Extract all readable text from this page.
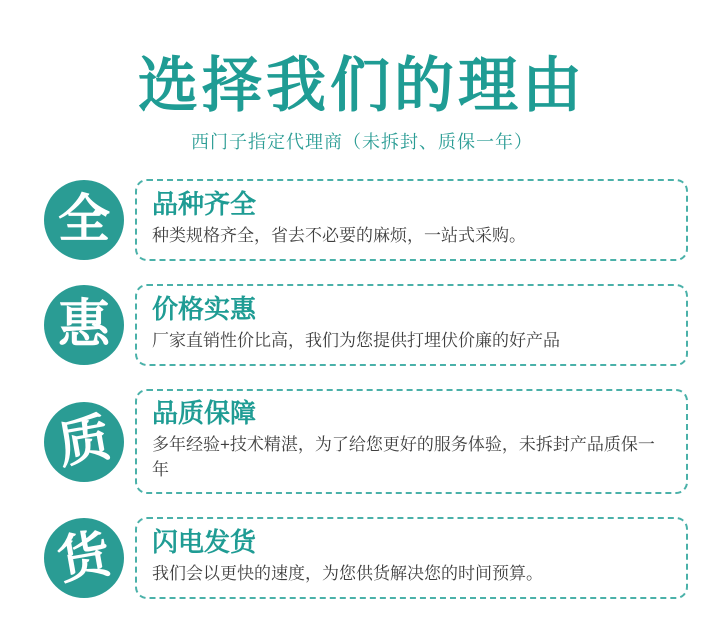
选择我们的理由

西门子指定代理商（未拆封、质保一年）

全 品种齐全

种类规格齐全，省去不必要的麻烦，一站式采购。

惠 价格实惠

厂家直销性价比高，我们为您提供打埋伏价廉的好产品

质 品质保障

多年经验+技术精湛，为了给您更好的服务体验，未拆封产品质保一年

货 闪电发货

我们会以更快的速度，为您供货解决您的时间预算。
